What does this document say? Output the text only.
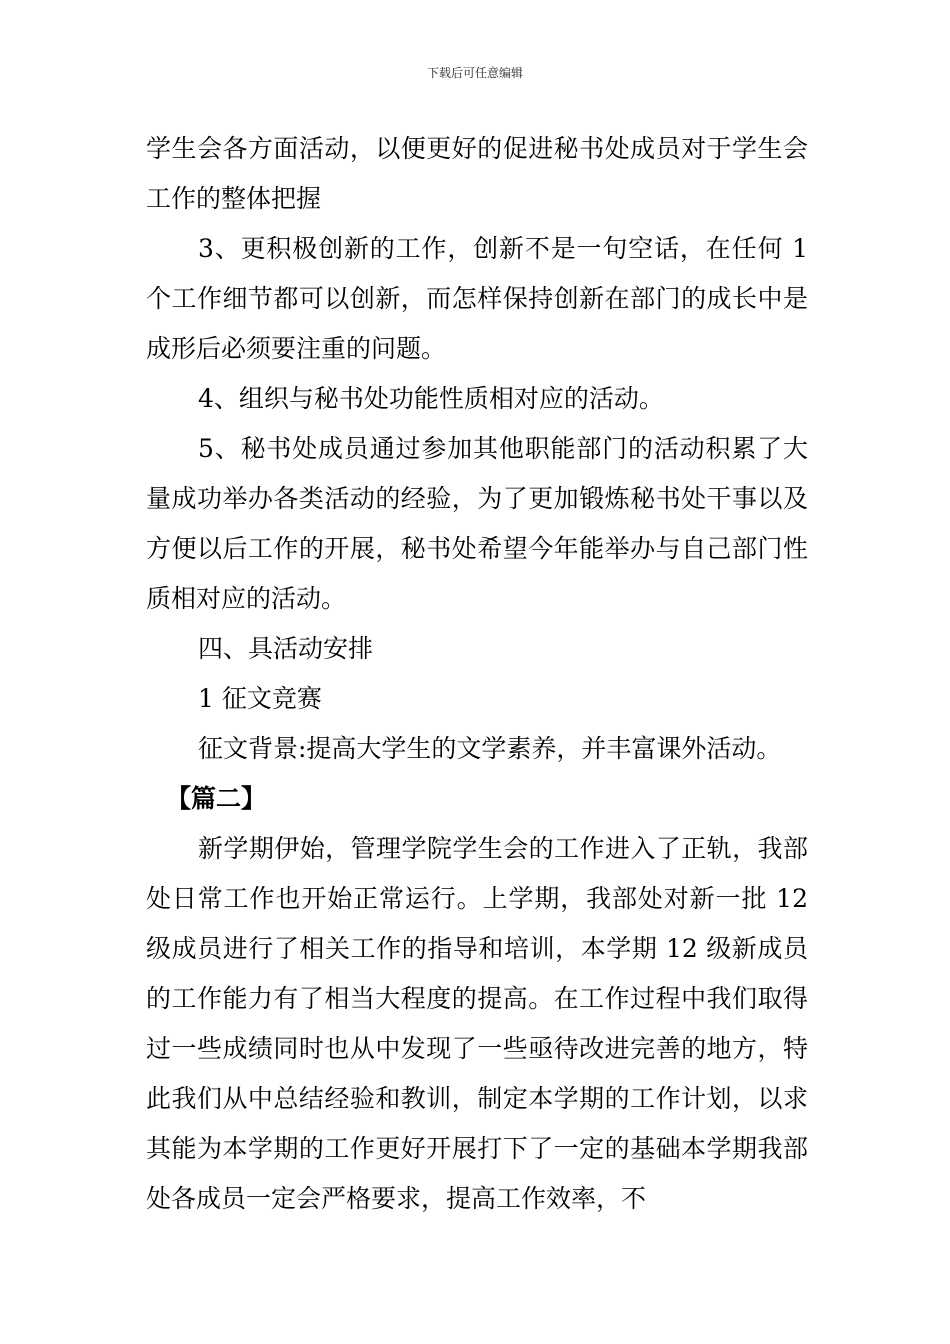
下载后可任意编辑

学生会各方面活动，以便更好的促进秘书处成员对于学生会工作的整体把握

3、更积极创新的工作，创新不是一句空话，在任何 1 个工作细节都可以创新，而怎样保持创新在部门的成长中是成形后必须要注重的问题。

4、组织与秘书处功能性质相对应的活动。

5、秘书处成员通过参加其他职能部门的活动积累了大量成功举办各类活动的经验，为了更加锻炼秘书处干事以及方便以后工作的开展，秘书处希望今年能举办与自己部门性质相对应的活动。

四、具活动安排

1 征文竞赛

征文背景:提高大学生的文学素养，并丰富课外活动。

【篇二】

新学期伊始，管理学院学生会的工作进入了正轨，我部处日常工作也开始正常运行。上学期，我部处对新一批 12 级成员进行了相关工作的指导和培训，本学期 12 级新成员的工作能力有了相当大程度的提高。在工作过程中我们取得过一些成绩同时也从中发现了一些亟待改进完善的地方，特此我们从中总结经验和教训，制定本学期的工作计划，以求其能为本学期的工作更好开展打下了一定的基础本学期我部处各成员一定会严格要求，提高工作效率，不
